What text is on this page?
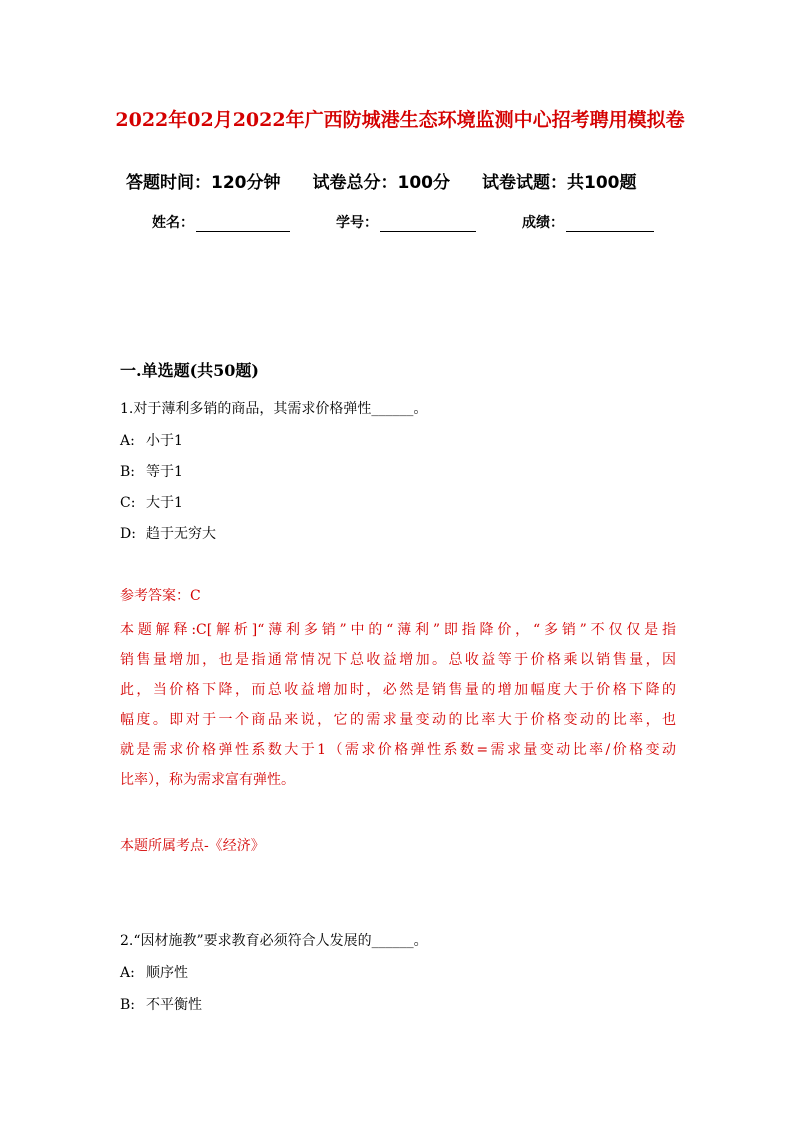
2022年02月2022年广西防城港生态环境监测中心招考聘用模拟卷
答题时间：120分钟 试卷总分：100分 试卷试题：共100题
姓名：	学号：	成绩：
一.单选题(共50题)
1.对于薄利多销的商品，其需求价格弹性______。
A: 小于1
B: 等于1
C: 大于1
D: 趋于无穷大
参考答案：C
本题解释:C[解析]“薄利多销”中的“薄利”即指降价，“多销”不仅仅是指
销售量增加，也是指通常情况下总收益增加。总收益等于价格乘以销售量，因
此，当价格下降，而总收益增加时，必然是销售量的增加幅度大于价格下降的
幅度。即对于一个商品来说，它的需求量变动的比率大于价格变动的比率，也
就是需求价格弹性系数大于1（需求价格弹性系数=需求量变动比率/价格变动
比率），称为需求富有弹性。
本题所属考点-《经济》
2.“因材施教”要求教育必须符合人发展的______。
A: 顺序性
B: 不平衡性
